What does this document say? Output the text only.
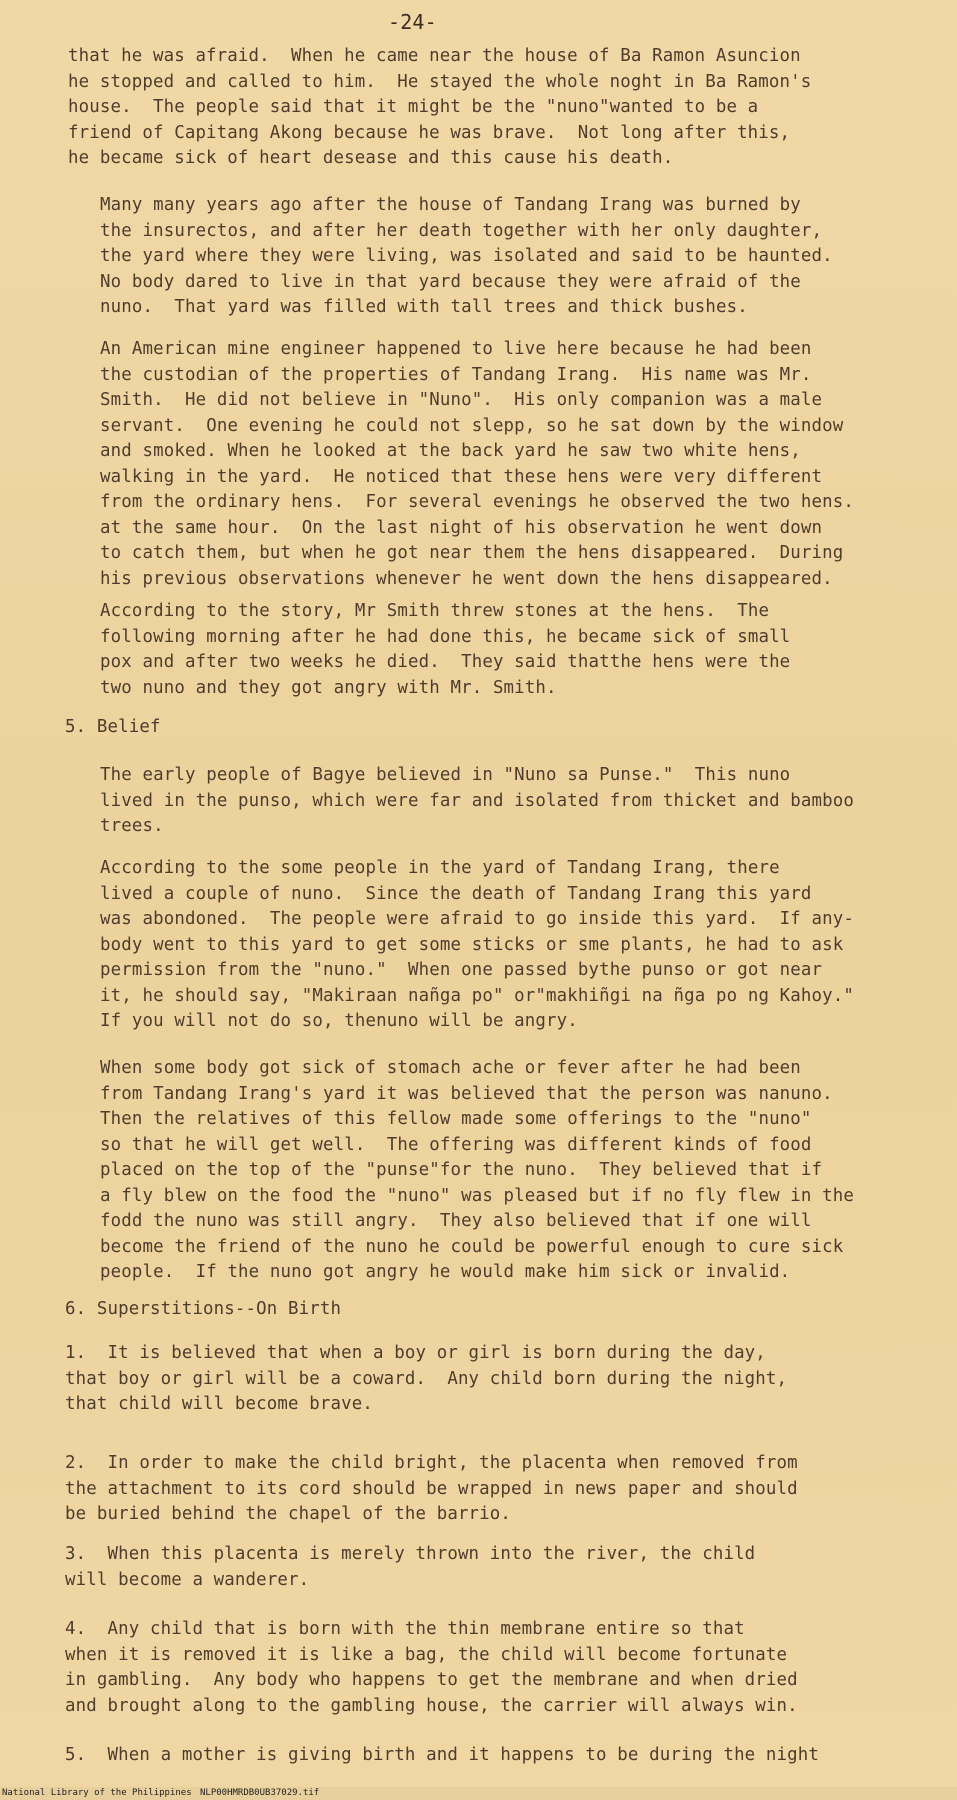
-24-

that he was afraid.  When he came near the house of Ba Ramon Asuncion
he stopped and called to him.  He stayed the whole noght in Ba Ramon's
house.  The people said that it might be the "nuno"wanted to be a
friend of Capitang Akong because he was brave.  Not long after this,
he became sick of heart desease and this cause his death.

Many many years ago after the house of Tandang Irang was burned by
the insurectos, and after her death together with her only daughter,
the yard where they were living, was isolated and said to be haunted.
No body dared to live in that yard because they were afraid of the
nuno.  That yard was filled with tall trees and thick bushes.

An American mine engineer happened to live here because he had been
the custodian of the properties of Tandang Irang.  His name was Mr.
Smith.  He did not believe in "Nuno".  His only companion was a male
servant.  One evening he could not slepp, so he sat down by the window
and smoked. When he looked at the back yard he saw two white hens,
walking in the yard.  He noticed that these hens were very different
from the ordinary hens.  For several evenings he observed the two hens.
at the same hour.  On the last night of his observation he went down
to catch them, but when he got near them the hens disappeared.  During
his previous observations whenever he went down the hens disappeared.

According to the story, Mr Smith threw stones at the hens.  The
following morning after he had done this, he became sick of small
pox and after two weeks he died.  They said thatthe hens were the
two nuno and they got angry with Mr. Smith.

5. Belief

The early people of Bagye believed in "Nuno sa Punse."  This nuno
lived in the punso, which were far and isolated from thicket and bamboo
trees.

According to the some people in the yard of Tandang Irang, there
lived a couple of nuno.  Since the death of Tandang Irang this yard
was abondoned.  The people were afraid to go inside this yard.  If any-
body went to this yard to get some sticks or sme plants, he had to ask
permission from the "nuno."  When one passed bythe punso or got near
it, he should say, "Makiraan nañga po" or"makhiñgi na ñga po ng Kahoy."
If you will not do so, thenuno will be angry.

When some body got sick of stomach ache or fever after he had been
from Tandang Irang's yard it was believed that the person was nanuno.
Then the relatives of this fellow made some offerings to the "nuno"
so that he will get well.  The offering was different kinds of food
placed on the top of the "punse"for the nuno.  They believed that if
a fly blew on the food the "nuno" was pleased but if no fly flew in the
fodd the nuno was still angry.  They also believed that if one will
become the friend of the nuno he could be powerful enough to cure sick
people.  If the nuno got angry he would make him sick or invalid.

6. Superstitions--On Birth

1.  It is believed that when a boy or girl is born during the day,
that boy or girl will be a coward.  Any child born during the night,
that child will become brave.

2.  In order to make the child bright, the placenta when removed from
the attachment to its cord should be wrapped in news paper and should
be buried behind the chapel of the barrio.

3.  When this placenta is merely thrown into the river, the child
will become a wanderer.

4.  Any child that is born with the thin membrane entire so that
when it is removed it is like a bag, the child will become fortunate
in gambling.  Any body who happens to get the membrane and when dried
and brought along to the gambling house, the carrier will always win.

5.  When a mother is giving birth and it happens to be during the night

National Library of the Philippines NLP00HMRDB0UB37029.tif
